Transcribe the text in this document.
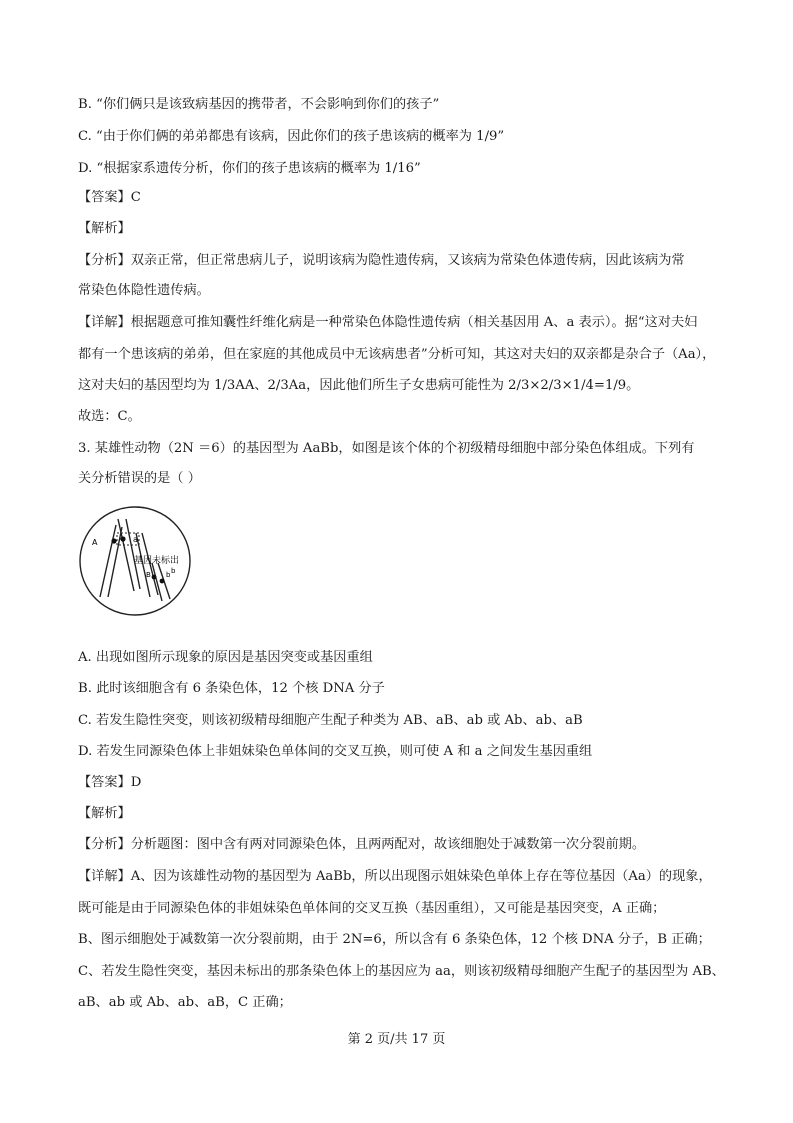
B. “你们俩只是该致病基因的携带者，不会影响到你们的孩子”
C. “由于你们俩的弟弟都患有该病，因此你们的孩子患该病的概率为 1/9”
D. “根据家系遗传分析，你们的孩子患该病的概率为 1/16”
【答案】C
【解析】
【分析】双亲正常，但正常患病儿子，说明该病为隐性遗传病，又该病为常染色体遗传病，因此该病为常
常染色体隐性遗传病。
【详解】根据题意可推知囊性纤维化病是一种常染色体隐性遗传病（相关基因用 A、a 表示）。据“这对夫妇
都有一个患该病的弟弟，但在家庭的其他成员中无该病患者”分析可知，其这对夫妇的双亲都是杂合子（Aa），
这对夫妇的基因型均为 1/3AA、2/3Aa，因此他们所生子女患病可能性为 2/3×2/3×1/4=1/9。
故选：C。
3. 某雄性动物（2N ＝6）的基因型为 AaBb，如图是该个体的个初级精母细胞中部分染色体组成。下列有
关分析错误的是（ ）
A	a
基因未标出
B b b
A. 出现如图所示现象的原因是基因突变或基因重组
B. 此时该细胞含有 6 条染色体，12 个核 DNA 分子
C. 若发生隐性突变，则该初级精母细胞产生配子种类为 AB、aB、ab 或 Ab、ab、aB
D. 若发生同源染色体上非姐妹染色单体间的交叉互换，则可使 A 和 a 之间发生基因重组
【答案】D
【解析】
【分析】分析题图：图中含有两对同源染色体，且两两配对，故该细胞处于减数第一次分裂前期。
【详解】A、因为该雄性动物的基因型为 AaBb，所以出现图示姐妹染色单体上存在等位基因（Aa）的现象，
既可能是由于同源染色体的非姐妹染色单体间的交叉互换（基因重组），又可能是基因突变，A 正确；
B、图示细胞处于减数第一次分裂前期，由于 2N=6，所以含有 6 条染色体，12 个核 DNA 分子，B 正确；
C、若发生隐性突变，基因未标出的那条染色体上的基因应为 aa，则该初级精母细胞产生配子的基因型为 AB、
aB、ab 或 Ab、ab、aB，C 正确；
第 2 页/共 17 页
